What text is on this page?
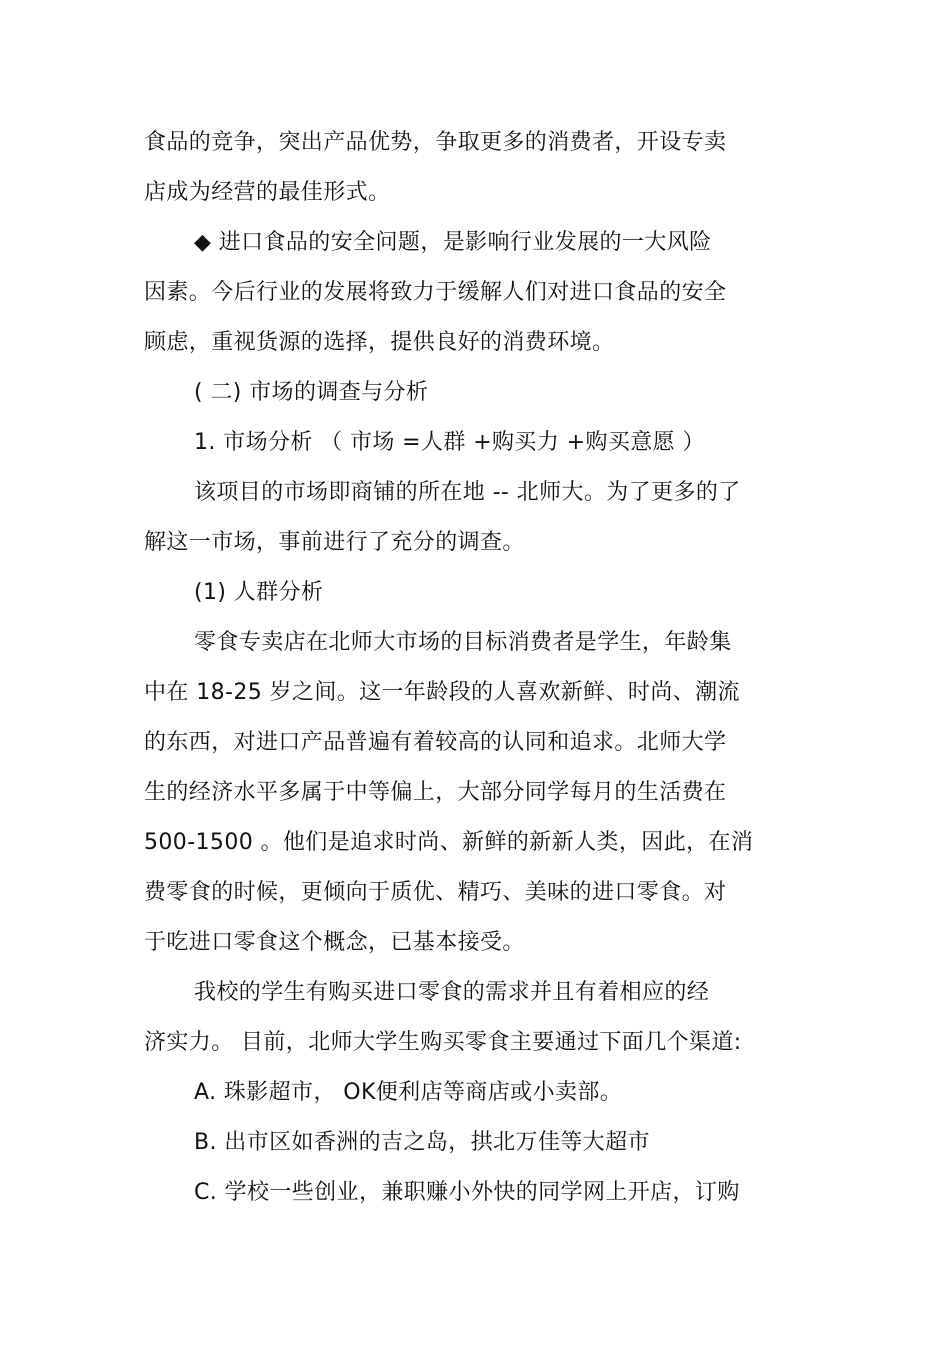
食品的竞争，突出产品优势，争取更多的消费者，开设专卖
店成为经营的最佳形式。
◆ 进口食品的安全问题，是影响行业发展的一大风险
因素。今后行业的发展将致力于缓解人们对进口食品的安全
顾虑，重视货源的选择，提供良好的消费环境。
( 二) 市场的调查与分析
1. 市场分析 （ 市场 =人群 +购买力 +购买意愿 ）
该项目的市场即商铺的所在地 -- 北师大。为了更多的了
解这一市场，事前进行了充分的调查。
(1) 人群分析
零食专卖店在北师大市场的目标消费者是学生，年龄集
中在 18-25 岁之间。这一年龄段的人喜欢新鲜、时尚、潮流
的东西，对进口产品普遍有着较高的认同和追求。北师大学
生的经济水平多属于中等偏上，大部分同学每月的生活费在
500-1500 。他们是追求时尚、新鲜的新新人类，因此，在消
费零食的时候，更倾向于质优、精巧、美味的进口零食。对
于吃进口零食这个概念，已基本接受。
我校的学生有购买进口零食的需求并且有着相应的经
济实力。 目前，北师大学生购买零食主要通过下面几个渠道:
A. 珠影超市， OK便利店等商店或小卖部。
B. 出市区如香洲的吉之岛，拱北万佳等大超市
C. 学校一些创业，兼职赚小外快的同学网上开店，订购
